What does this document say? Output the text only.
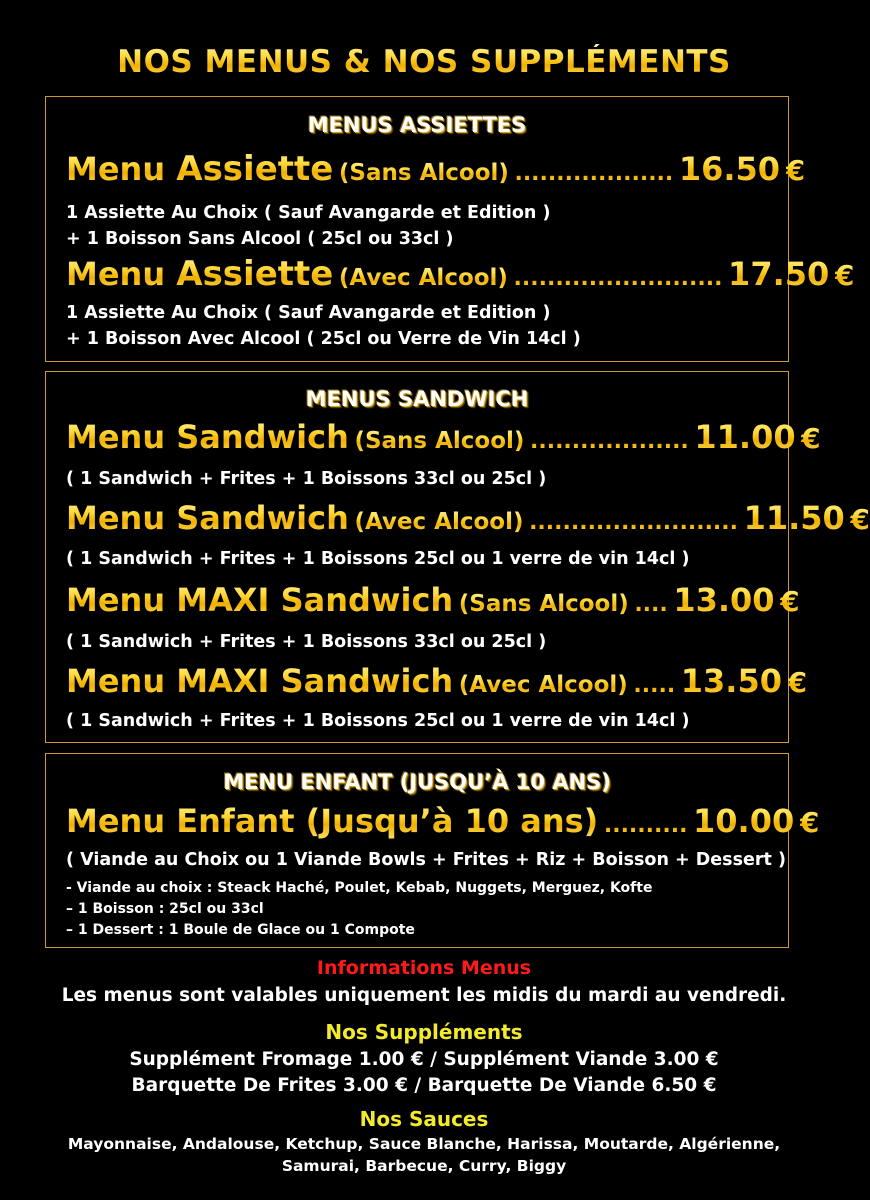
NOS MENUS & NOS SUPPLÉMENTS
MENUS ASSIETTES
Menu Assiette (Sans Alcool) ................... 16.50 €
1 Assiette Au Choix ( Sauf Avangarde et Edition )
+ 1 Boisson Sans Alcool ( 25cl ou 33cl )
Menu Assiette (Avec Alcool) ......................... 17.50 €
1 Assiette Au Choix ( Sauf Avangarde et Edition )
+ 1 Boisson Avec Alcool ( 25cl ou Verre de Vin 14cl )
MENUS SANDWICH
Menu Sandwich (Sans Alcool) ................... 11.00 €
( 1 Sandwich + Frites + 1 Boissons 33cl ou 25cl )
Menu Sandwich (Avec Alcool) ......................... 11.50 €
( 1 Sandwich + Frites + 1 Boissons 25cl ou 1 verre de vin 14cl )
Menu MAXI Sandwich (Sans Alcool) .... 13.00 €
( 1 Sandwich + Frites + 1 Boissons 33cl ou 25cl )
Menu MAXI Sandwich (Avec Alcool) ..... 13.50 €
( 1 Sandwich + Frites + 1 Boissons 25cl ou 1 verre de vin 14cl )
MENU ENFANT (JUSQU’À 10 ANS)
Menu Enfant (Jusqu’à 10 ans) .......... 10.00 €
( Viande au Choix ou 1 Viande Bowls + Frites + Riz + Boisson + Dessert )
- Viande au choix : Steack Haché, Poulet, Kebab, Nuggets, Merguez, Kofte
– 1 Boisson : 25cl ou 33cl
– 1 Dessert : 1 Boule de Glace ou 1 Compote
Informations Menus
Les menus sont valables uniquement les midis du mardi au vendredi.
Nos Suppléments
Supplément Fromage 1.00 € / Supplément Viande 3.00 €
Barquette De Frites 3.00 € / Barquette De Viande 6.50 €
Nos Sauces
Mayonnaise, Andalouse, Ketchup, Sauce Blanche, Harissa, Moutarde, Algérienne,
Samurai, Barbecue, Curry, Biggy
